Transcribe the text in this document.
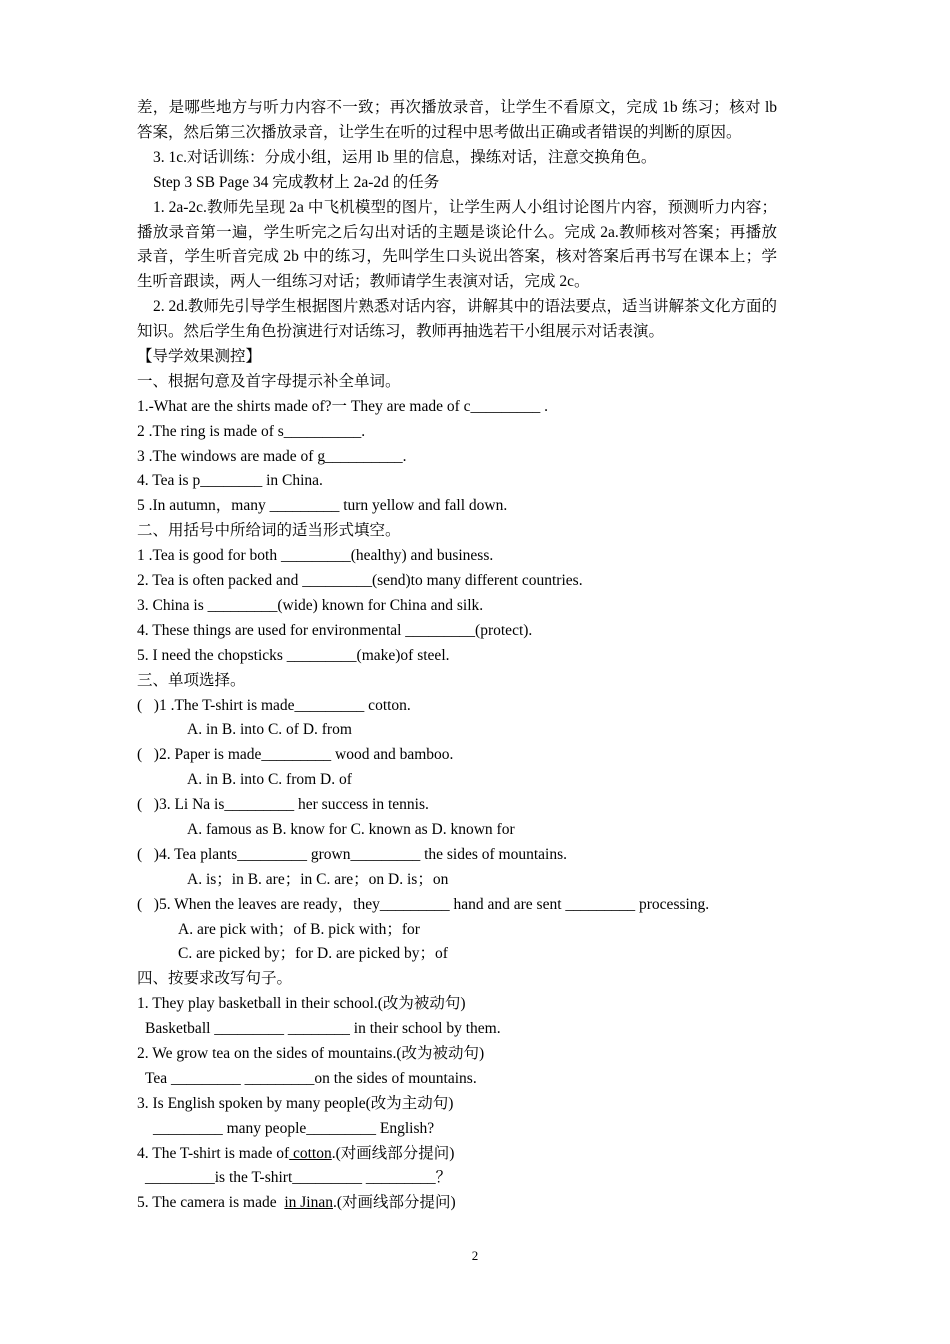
差，是哪些地方与听力内容不一致；再次播放录音，让学生不看原文，完成 1b 练习；核对 lb 答案，然后第三次播放录音，让学生在听的过程中思考做出正确或者错误的判断的原因。
3. 1c.对话训练：分成小组，运用 lb 里的信息，操练对话，注意交换角色。
Step 3 SB Page 34 完成教材上 2a-2d 的任务
1. 2a-2c.教师先呈现 2a 中飞机模型的图片，让学生两人小组讨论图片内容，预测听力内容；播放录音第一遍，学生听完之后勾出对话的主题是谈论什么。完成 2a.教师核对答案；再播放录音，学生听音完成 2b 中的练习，先叫学生口头说出答案，核对答案后再书写在课本上；学生听音跟读，两人一组练习对话；教师请学生表演对话，完成 2c。
2. 2d.教师先引导学生根据图片熟悉对话内容，讲解其中的语法要点，适当讲解茶文化方面的知识。然后学生角色扮演进行对话练习，教师再抽选若干小组展示对话表演。
【导学效果测控】
一、根据句意及首字母提示补全单词。
1.-What are the shirts made of?一 They are made of c_________ .
2 .The ring is made of s__________.
3 .The windows are made of g__________.
4. Tea is p________ in China.
5 .In autumn，many _________ turn yellow and fall down.
二、用括号中所给词的适当形式填空。
1 .Tea is good for both _________(healthy) and business.
2. Tea is often packed and _________(send)to many different countries.
3. China is _________(wide) known for China and silk.
4. These things are used for environmental _________(protect).
5. I need the chopsticks _________(make)of steel.
三、单项选择。
(   )1 .The T-shirt is made_________ cotton.
A. in B. into C. of D. from
(   )2. Paper is made_________ wood and bamboo.
A. in B. into C. from D. of
(   )3. Li Na is_________ her success in tennis.
A. famous as B. know for C. known as D. known for
(   )4. Tea plants_________ grown_________ the sides of mountains.
A. is；in B. are；in C. are；on D. is；on
(   )5. When the leaves are ready，they_________ hand and are sent _________ processing.
A. are pick with；of B. pick with；for
C. are picked by；for D. are picked by；of
四、按要求改写句子。
1. They play basketball in their school.(改为被动句)
Basketball _________ ________ in their school by them.
2. We grow tea on the sides of mountains.(改为被动句)
Tea _________ _________on the sides of mountains.
3. Is English spoken by many people(改为主动句)
_________ many people_________ English?
4. The T-shirt is made of cotton.(对画线部分提问)
_________is the T-shirt_________ _________？
5. The camera is made  in Jinan.(对画线部分提问)
2
